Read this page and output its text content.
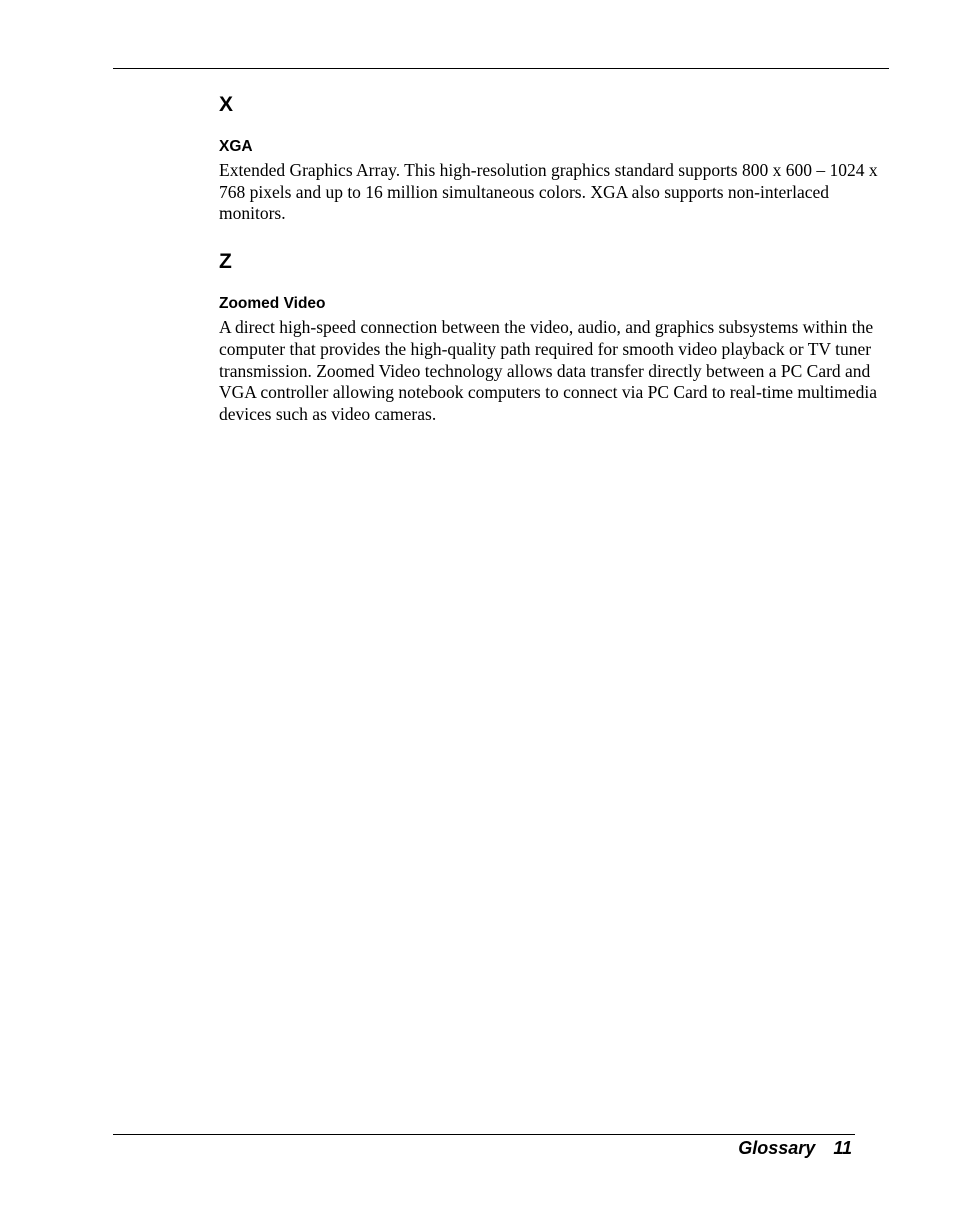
X
XGA

Extended Graphics Array. This high-resolution graphics standard supports 800 x 600 – 1024 x 768 pixels and up to 16 million simultaneous colors. XGA also supports non-interlaced monitors.

Z
Zoomed Video

A direct high-speed connection between the video, audio, and graphics subsystems within the computer that provides the high-quality path required for smooth video playback or TV tuner transmission. Zoomed Video technology allows data transfer directly between a PC Card and VGA controller allowing notebook computers to connect via PC Card to real-time multimedia devices such as video cameras.

Glossary 11
